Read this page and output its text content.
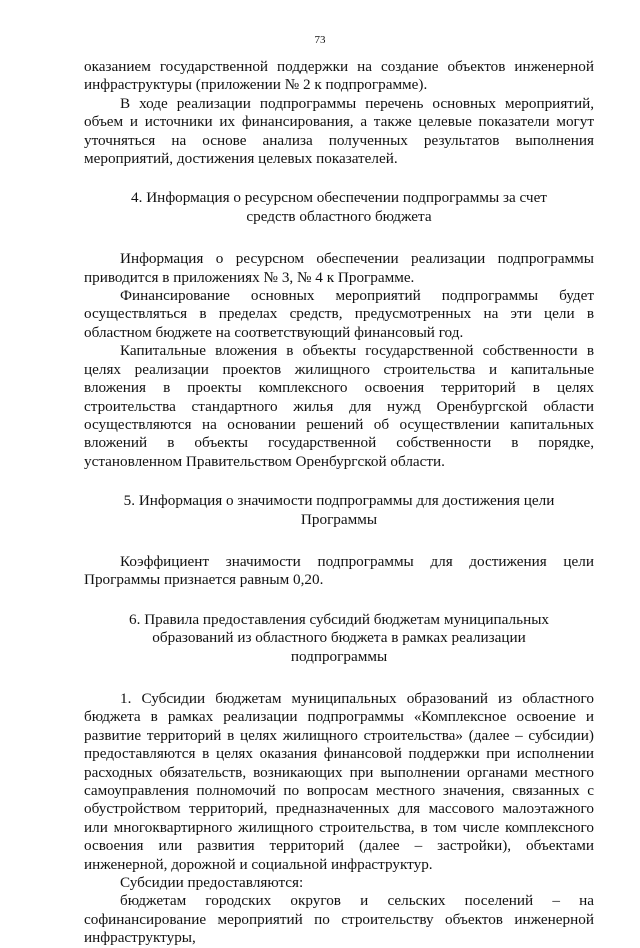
73

оказанием государственной поддержки на создание объектов инженерной инфраструктуры (приложении № 2 к подпрограмме).

В ходе реализации подпрограммы перечень основных мероприятий, объем и источники их финансирования, а также целевые показатели могут уточняться на основе анализа полученных результатов выполнения мероприятий, достижения целевых показателей.

4. Информация о ресурсном обеспечении подпрограммы за счет средств областного бюджета

Информация о ресурсном обеспечении реализации подпрограммы приводится в приложениях № 3, № 4 к Программе.

Финансирование основных мероприятий подпрограммы будет осуществляться в пределах средств, предусмотренных на эти цели в областном бюджете на соответствующий финансовый год.

Капитальные вложения в объекты государственной собственности в целях реализации проектов жилищного строительства и капитальные вложения в проекты комплексного освоения территорий в целях строительства стандартного жилья для нужд Оренбургской области осуществляются на основании решений об осуществлении капитальных вложений в объекты государственной собственности в порядке, установленном Правительством Оренбургской области.

5. Информация о значимости подпрограммы для достижения цели Программы

Коэффициент значимости подпрограммы для достижения цели Программы признается равным 0,20.

6. Правила предоставления субсидий бюджетам муниципальных образований из областного бюджета в рамках реализации подпрограммы

1. Субсидии бюджетам муниципальных образований из областного бюджета в рамках реализации подпрограммы «Комплексное освоение и развитие территорий в целях жилищного строительства» (далее – субсидии) предоставляются в целях оказания финансовой поддержки при исполнении расходных обязательств, возникающих при выполнении органами местного самоуправления полномочий по вопросам местного значения, связанных с обустройством территорий, предназначенных для массового малоэтажного или многоквартирного жилищного строительства, в том числе комплексного освоения или развития территорий (далее – застройки), объектами инженерной, дорожной и социальной инфраструктур.

Субсидии предоставляются:

бюджетам городских округов и сельских поселений – на софинансирование мероприятий по строительству объектов инженерной инфраструктуры,
